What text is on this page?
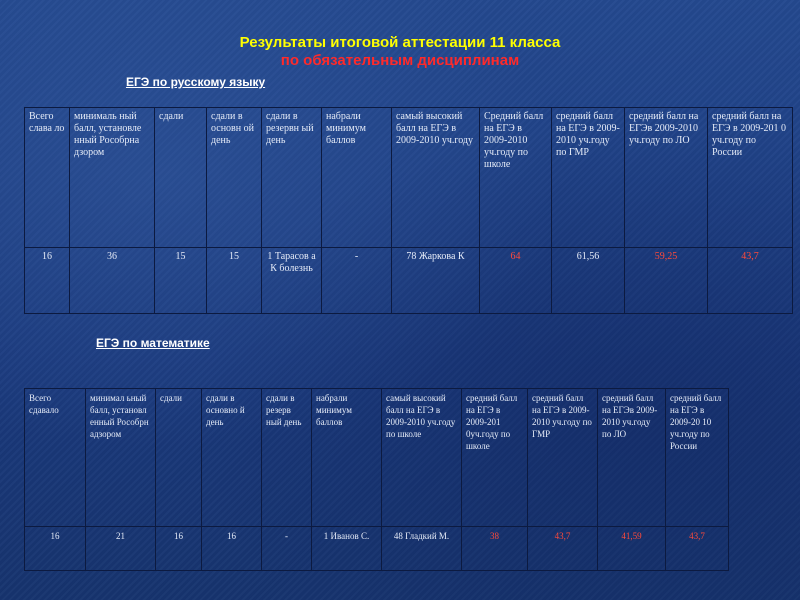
Результаты итоговой аттестации 11 класса
по обязательным дисциплинам
ЕГЭ по русскому языку
Всего слава ло	минималь ный балл, установле нный Рособрна дзором	сдали	сдали в основн ой день	сдали в резервн ый день	набрали минимум баллов	самый высокий балл на ЕГЭ в 2009-2010 уч.году	Средний балл на ЕГЭ в 2009-2010 уч.году по школе	средний балл на ЕГЭ в 2009-2010 уч.году по ГМР	средний балл на ЕГЭв 2009-2010 уч.году по ЛО	средний балл на ЕГЭ в 2009-201 0 уч.году по России
16	36	15	15	1 Тарасов а К болезнь	-	78 Жаркова К	64	61,56	59,25	43,7
ЕГЭ по математике
Всего сдавало	минимал ьный балл, установл енный Рособрн адзором	сдали	сдали в основно й день	сдали в резерв ный день	набрали минимум баллов	самый высокий балл на ЕГЭ в 2009-2010 уч.году по школе	средний балл на ЕГЭ в 2009-201 0уч.году по школе	средний балл на ЕГЭ в 2009-2010 уч.году по ГМР	средний балл на ЕГЭв 2009-2010 уч.году по ЛО	средний балл на ЕГЭ в 2009-20 10 уч.году по России
16	21	16	16	-	1 Иванов С.	48 Гладкий М.	38	43,7	41,59	43,7
